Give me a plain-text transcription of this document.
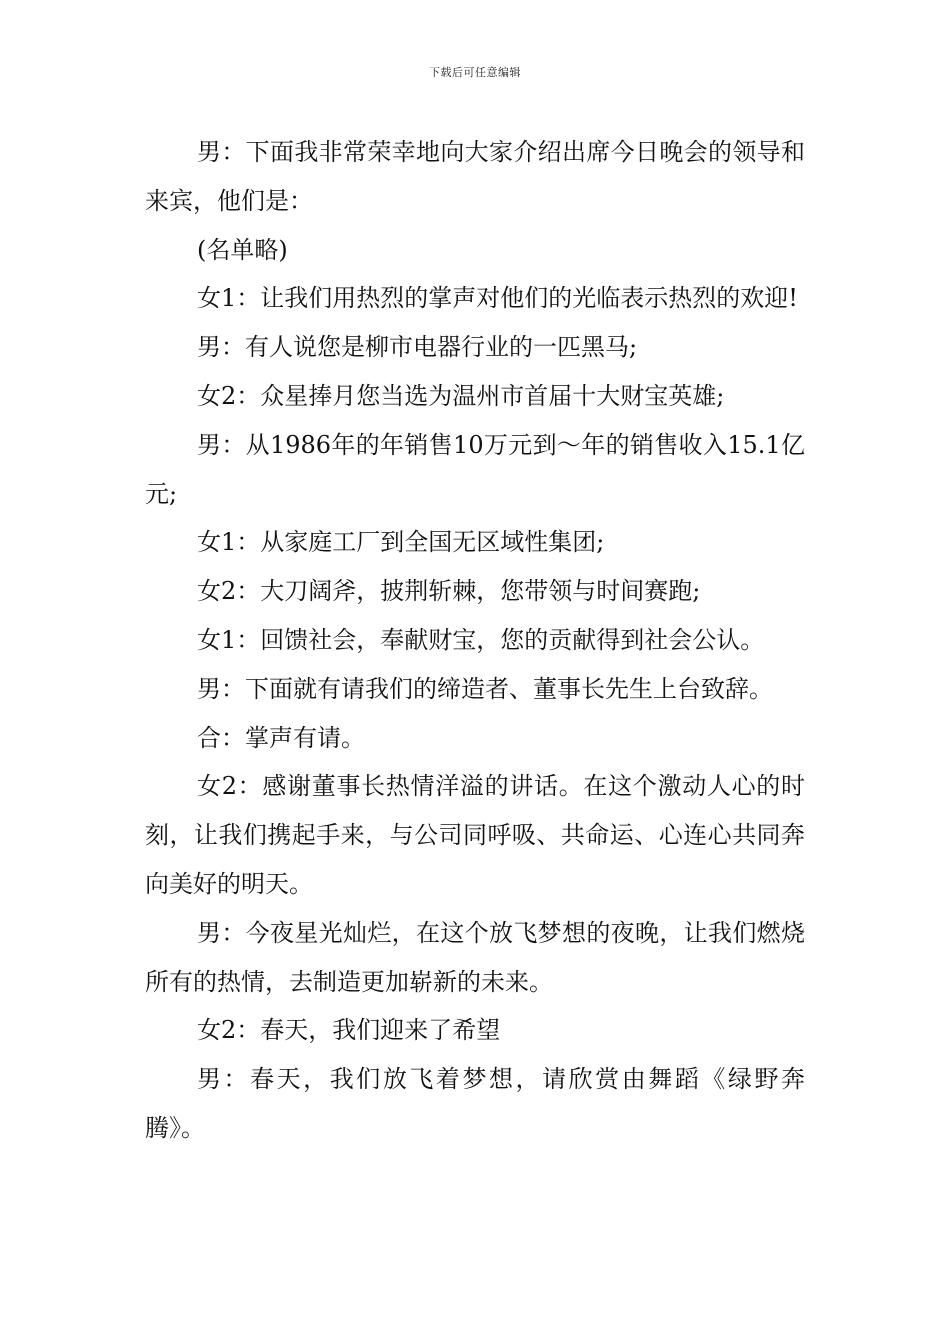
下载后可任意编辑

男：下面我非常荣幸地向大家介绍出席今日晚会的领导和来宾，他们是：

(名单略)

女1：让我们用热烈的掌声对他们的光临表示热烈的欢迎!

男：有人说您是柳市电器行业的一匹黑马;

女2：众星捧月您当选为温州市首届十大财宝英雄;

男：从1986年的年销售10万元到～年的销售收入15.1亿元;

女1：从家庭工厂到全国无区域性集团;

女2：大刀阔斧，披荆斩棘，您带领与时间赛跑;

女1：回馈社会，奉献财宝，您的贡献得到社会公认。

男：下面就有请我们的缔造者、董事长先生上台致辞。

合：掌声有请。

女2：感谢董事长热情洋溢的讲话。在这个激动人心的时刻，让我们携起手来，与公司同呼吸、共命运、心连心共同奔向美好的明天。

男：今夜星光灿烂，在这个放飞梦想的夜晚，让我们燃烧所有的热情，去制造更加崭新的未来。

女2：春天，我们迎来了希望

男：春天，我们放飞着梦想，请欣赏由舞蹈《绿野奔腾》。
